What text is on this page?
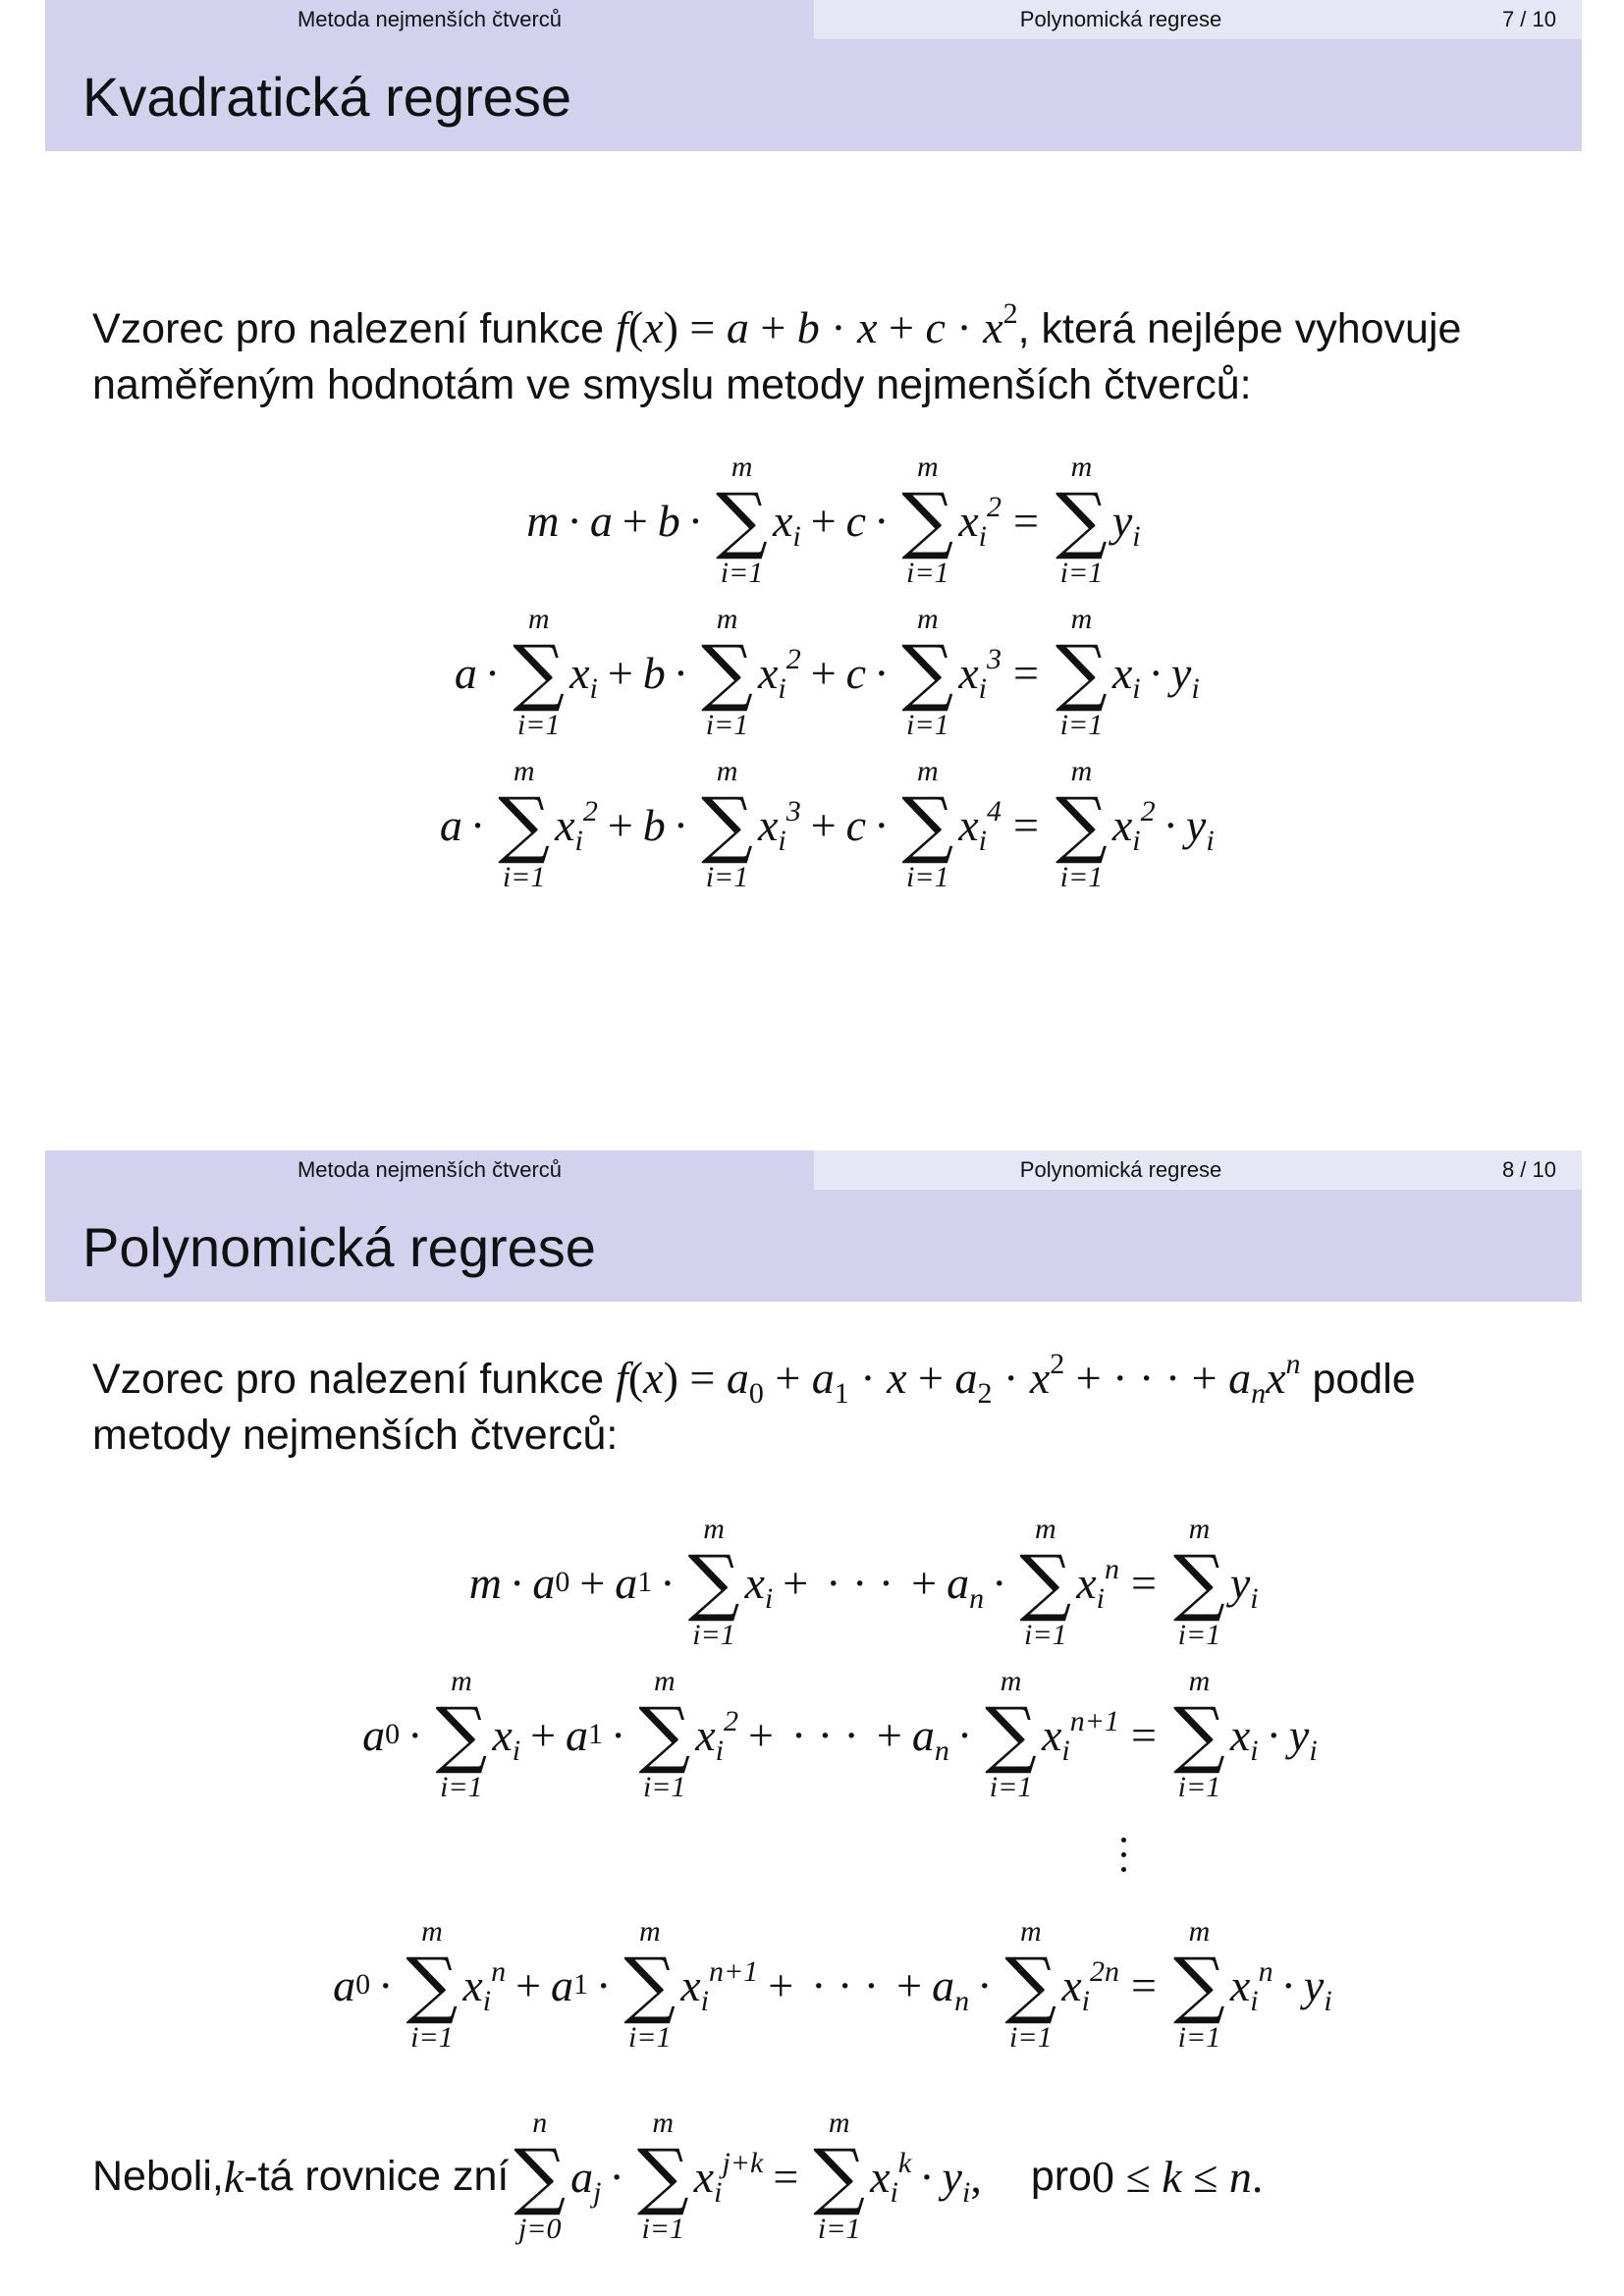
Metoda nejmenších čtverců	Polynomická regrese	7 / 10
Kvadratická regrese
Vzorec pro nalezení funkce $f(x) = a + b \cdot x + c \cdot x^2$, která nejlépe vyhovuje
naměřeným hodnotám ve smyslu metody nejmenších čtverců:
m · a + b ·
m
∑
i=1
$x_i + c$ ·
m
∑
i=1
$x_i^2$ =
m
∑
i=1
$y_i$
a ·
m
∑
i=1
$x_i + b$ ·
m
∑
i=1
$x_i^2 + c$ ·
m
∑
i=1
$x_i^3$ =
m
∑
i=1
$x_i \cdot y_i$
a ·
m
∑
i=1
$x_i^2 + b$ ·
m
∑
i=1
$x_i^3 + c$ ·
m
∑
i=1
$x_i^4$ =
m
∑
i=1
$x_i^2 \cdot y_i$
Metoda nejmenších čtverců	Polynomická regrese	8 / 10
Polynomická regrese
Vzorec pro nalezení funkce $f(x) = a_0 + a_1 \cdot x + a_2 \cdot x^2$ + · · · + $a_nx^n$ podle
metody nejmenších čtverců:
m · a 0 + a 1 ·
m
∑
i=1
$x_i$ + · · · + $a_n$ ·
m
∑
i=1
$x_i^n$ =
m
∑
i=1
$y_i$
a 0 ·
m
∑
i=1
$x_i + a$ 1 ·
m
∑
i=1
$x_i^2$ + · · · + $a_n$ ·
m
∑
i=1
$x_i^{n+1}$ =
m
∑
i=1
$x_i \cdot y_i$
a 0 ·
m
∑
i=1
$x_i^n + a$ 1 ·
m
∑
i=1
$x_i^{n+1}$ + · · · + $a_n$ ·
m
∑
i=1
$x_i^{2n}$ =
m
∑
i=1
$x_i^n \cdot y_i$
Neboli, k -tá rovnice zní
n
∑
j=0
$a_j$ ·
m
∑
i=1
$x_i^{j+k}$ =
m
∑
i=1
$x_i^k \cdot y_i$ , pro 0 ≤ k ≤ n.
